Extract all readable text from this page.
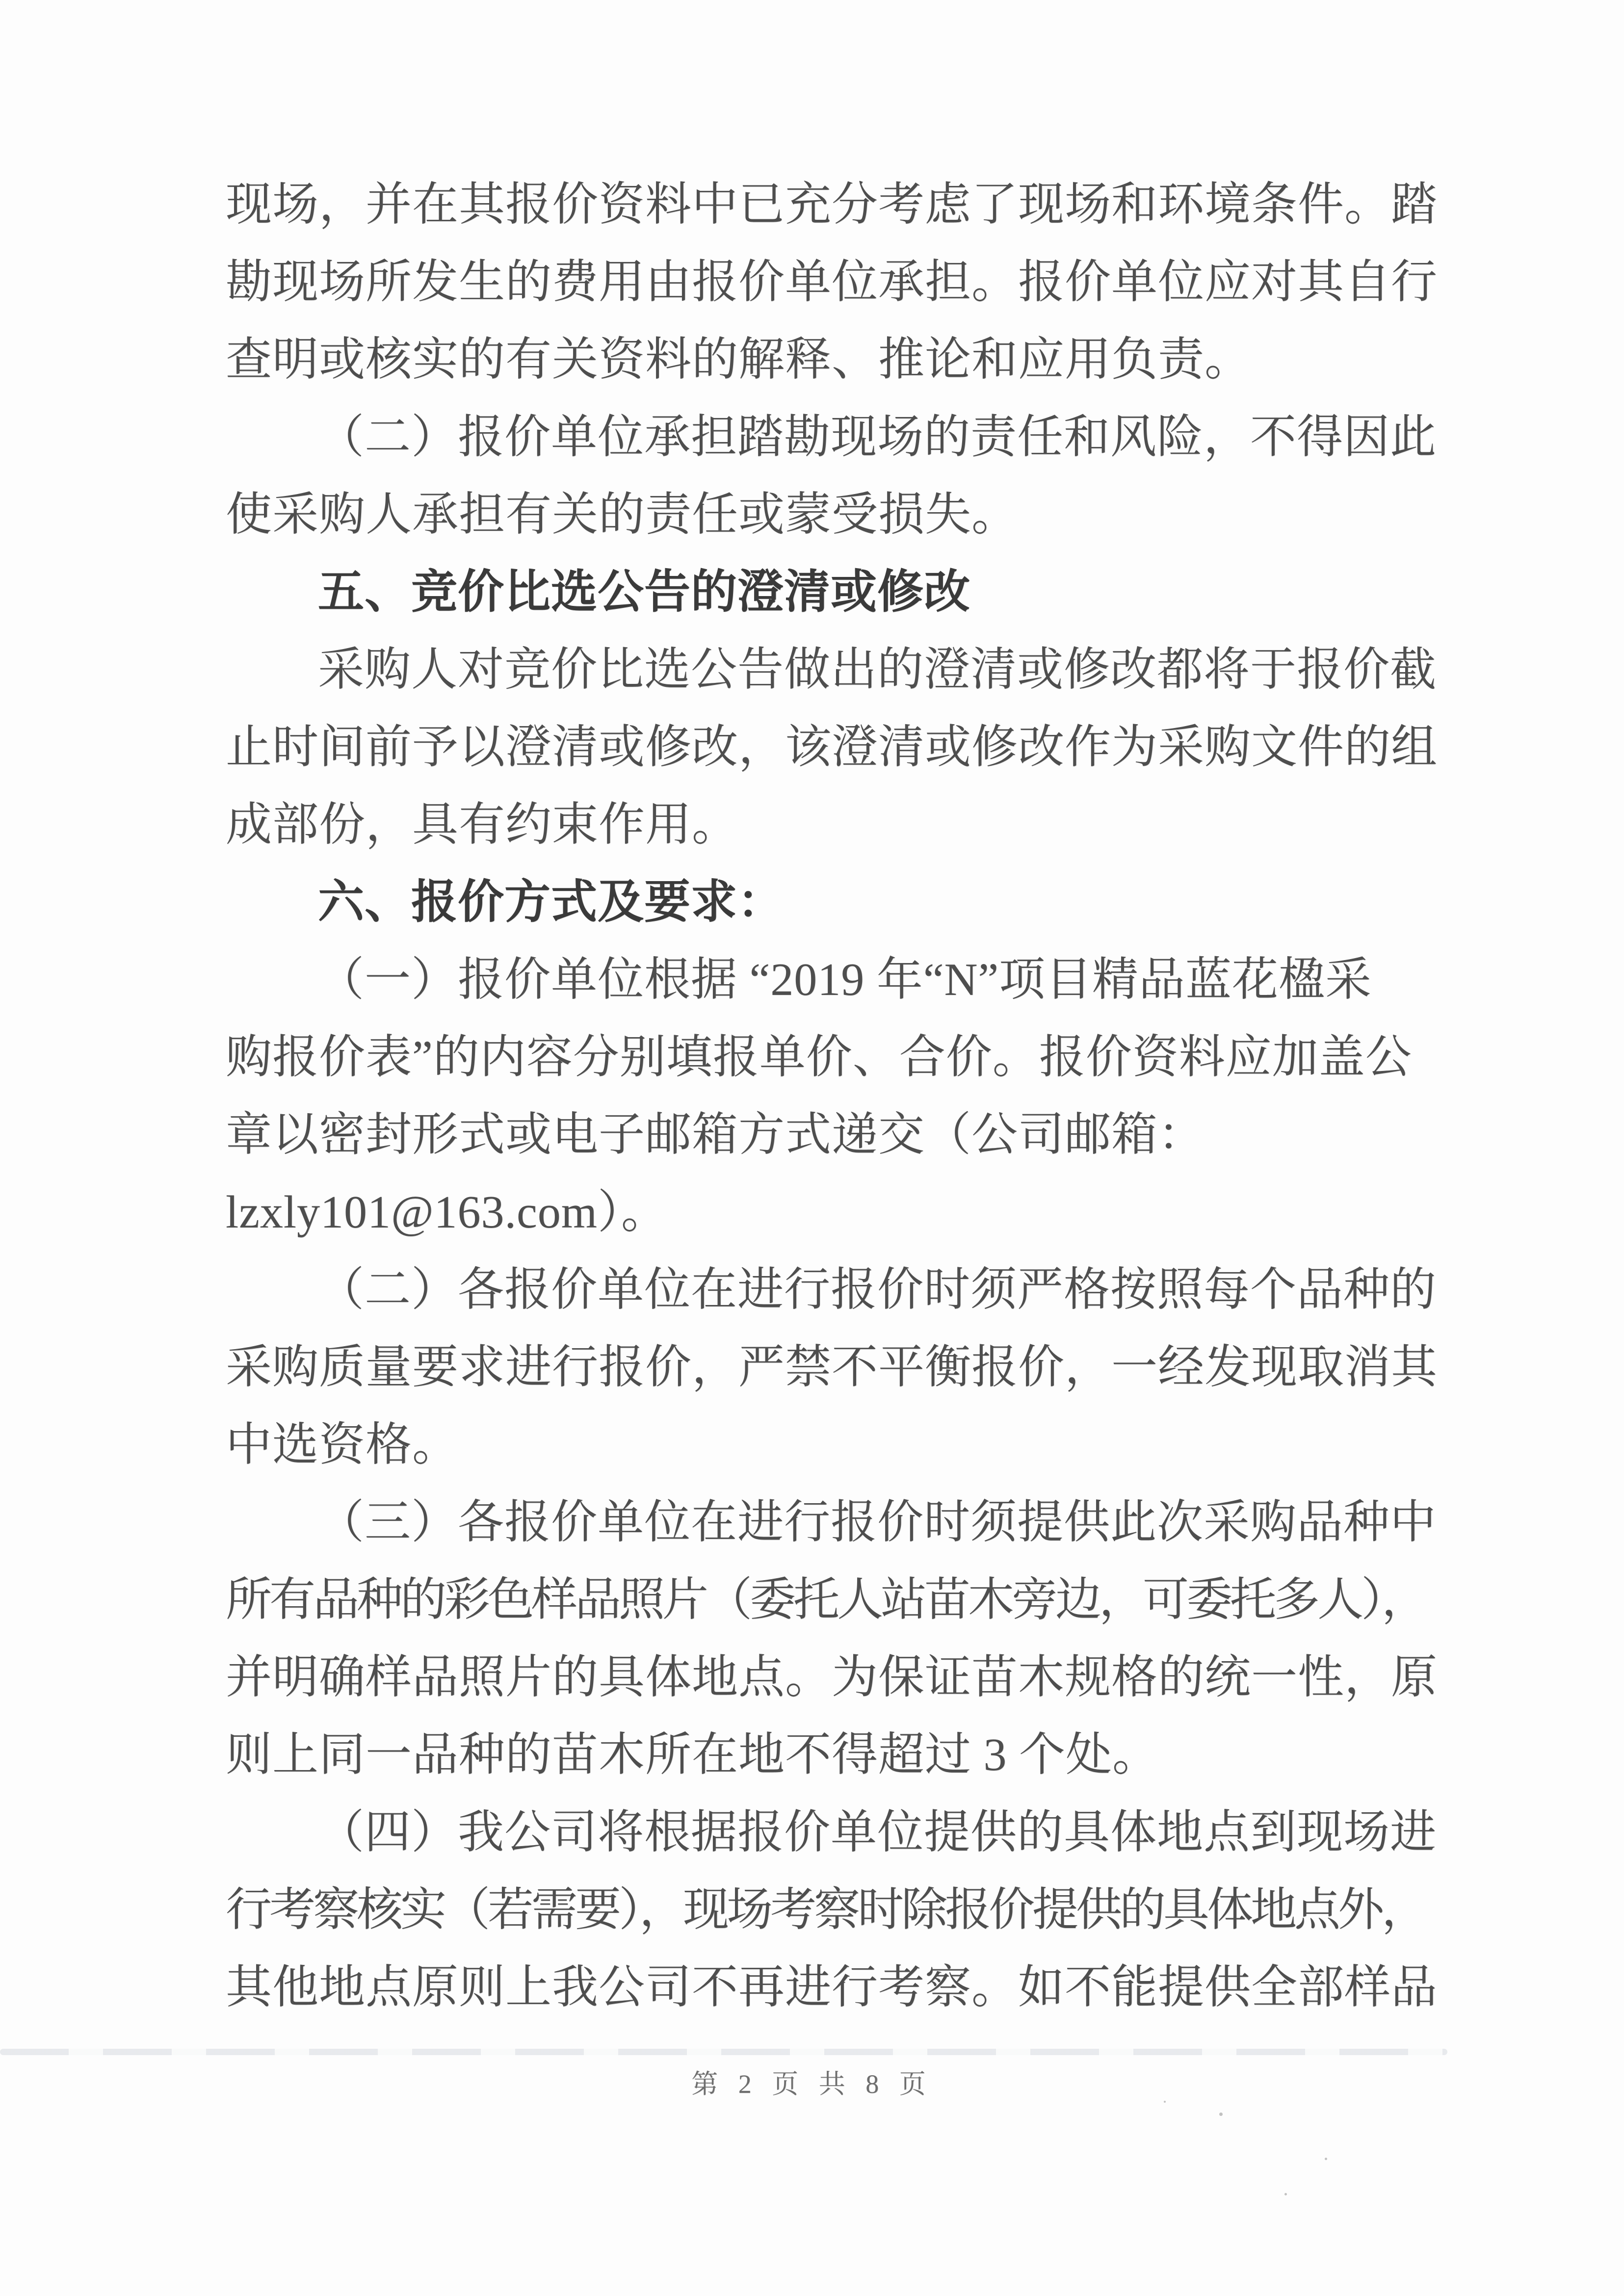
现场，并在其报价资料中已充分考虑了现场和环境条件。踏
勘现场所发生的费用由报价单位承担。报价单位应对其自行
查明或核实的有关资料的解释、推论和应用负责。
（二）报价单位承担踏勘现场的责任和风险，不得因此
使采购人承担有关的责任或蒙受损失。
五、竞价比选公告的澄清或修改
采购人对竞价比选公告做出的澄清或修改都将于报价截
止时间前予以澄清或修改，该澄清或修改作为采购文件的组
成部份，具有约束作用。
六、报价方式及要求：
（一）报价单位根据 “2019 年“N”项目精品蓝花楹采
购报价表”的内容分别填报单价、合价。报价资料应加盖公
章以密封形式或电子邮箱方式递交（公司邮箱：
lzxly101@163.com）。
（二）各报价单位在进行报价时须严格按照每个品种的
采购质量要求进行报价，严禁不平衡报价，一经发现取消其
中选资格。
（三）各报价单位在进行报价时须提供此次采购品种中
所有品种的彩色样品照片（委托人站苗木旁边，可委托多人），
并明确样品照片的具体地点。为保证苗木规格的统一性，原
则上同一品种的苗木所在地不得超过 3 个处。
（四）我公司将根据报价单位提供的具体地点到现场进
行考察核实（若需要），现场考察时除报价提供的具体地点外，
其他地点原则上我公司不再进行考察。如不能提供全部样品
第 2 页 共 8 页
